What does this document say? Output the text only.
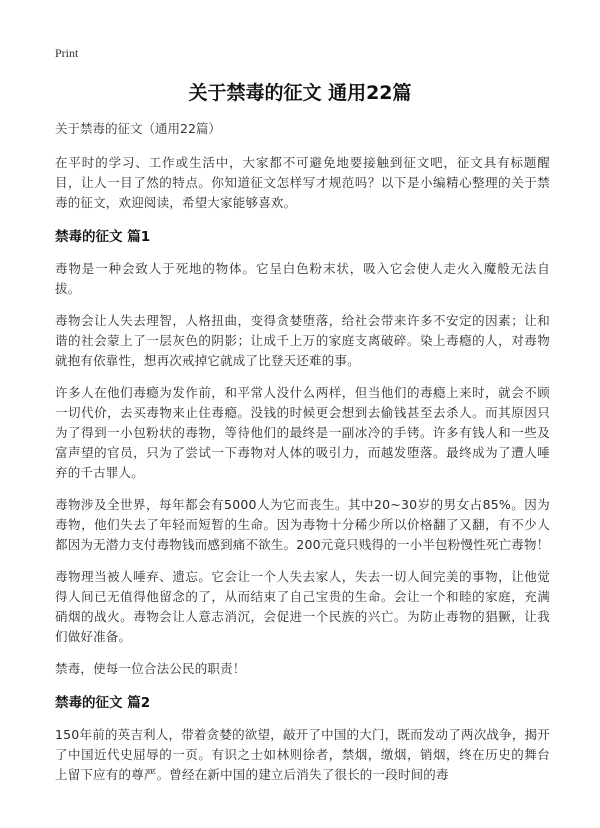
Print
关于禁毒的征文 通用22篇
关于禁毒的征文（通用22篇）

在平时的学习、工作或生活中，大家都不可避免地要接触到征文吧，征文具有标题醒目，让人一目了然的特点。你知道征文怎样写才规范吗？以下是小编精心整理的关于禁毒的征文，欢迎阅读，希望大家能够喜欢。

禁毒的征文 篇1

毒物是一种会致人于死地的物体。它呈白色粉末状，吸入它会使人走火入魔般无法自拔。

毒物会让人失去理智，人格扭曲，变得贪婪堕落，给社会带来许多不安定的因素；让和谐的社会蒙上了一层灰色的阴影；让成千上万的家庭支离破碎。染上毒瘾的人，对毒物就抱有依靠性，想再次戒掉它就成了比登天还难的事。

许多人在他们毒瘾为发作前，和平常人没什么两样，但当他们的毒瘾上来时，就会不顾一切代价，去买毒物来止住毒瘾。没钱的时候更会想到去偷钱甚至去杀人。而其原因只为了得到一小包粉状的毒物，等待他们的最终是一副冰冷的手铐。许多有钱人和一些及富声望的官员，只为了尝试一下毒物对人体的吸引力，而越发堕落。最终成为了遭人唾弃的千古罪人。

毒物涉及全世界，每年都会有5000人为它而丧生。其中20~30岁的男女占85%。因为毒物，他们失去了年轻而短暂的生命。因为毒物十分稀少所以价格翻了又翻，有不少人都因为无潜力支付毒物钱而感到痛不欲生。200元竟只贱得的一小半包粉慢性死亡毒物！

毒物理当被人唾弃、遗忘。它会让一个人失去家人，失去一切人间完美的事物，让他觉得人间已无值得他留念的了，从而结束了自己宝贵的生命。会让一个和睦的家庭，充满硝烟的战火。毒物会让人意志消沉，会促进一个民族的兴亡。为防止毒物的猖獗，让我们做好准备。

禁毒，使每一位合法公民的职责！

禁毒的征文 篇2

150年前的英吉利人，带着贪婪的欲望，敲开了中国的大门，既而发动了两次战争，揭开了中国近代史屈辱的一页。有识之士如林则徐者，禁烟，缴烟，销烟，终在历史的舞台上留下应有的尊严。曾经在新中国的建立后消失了很长的一段时间的毒
